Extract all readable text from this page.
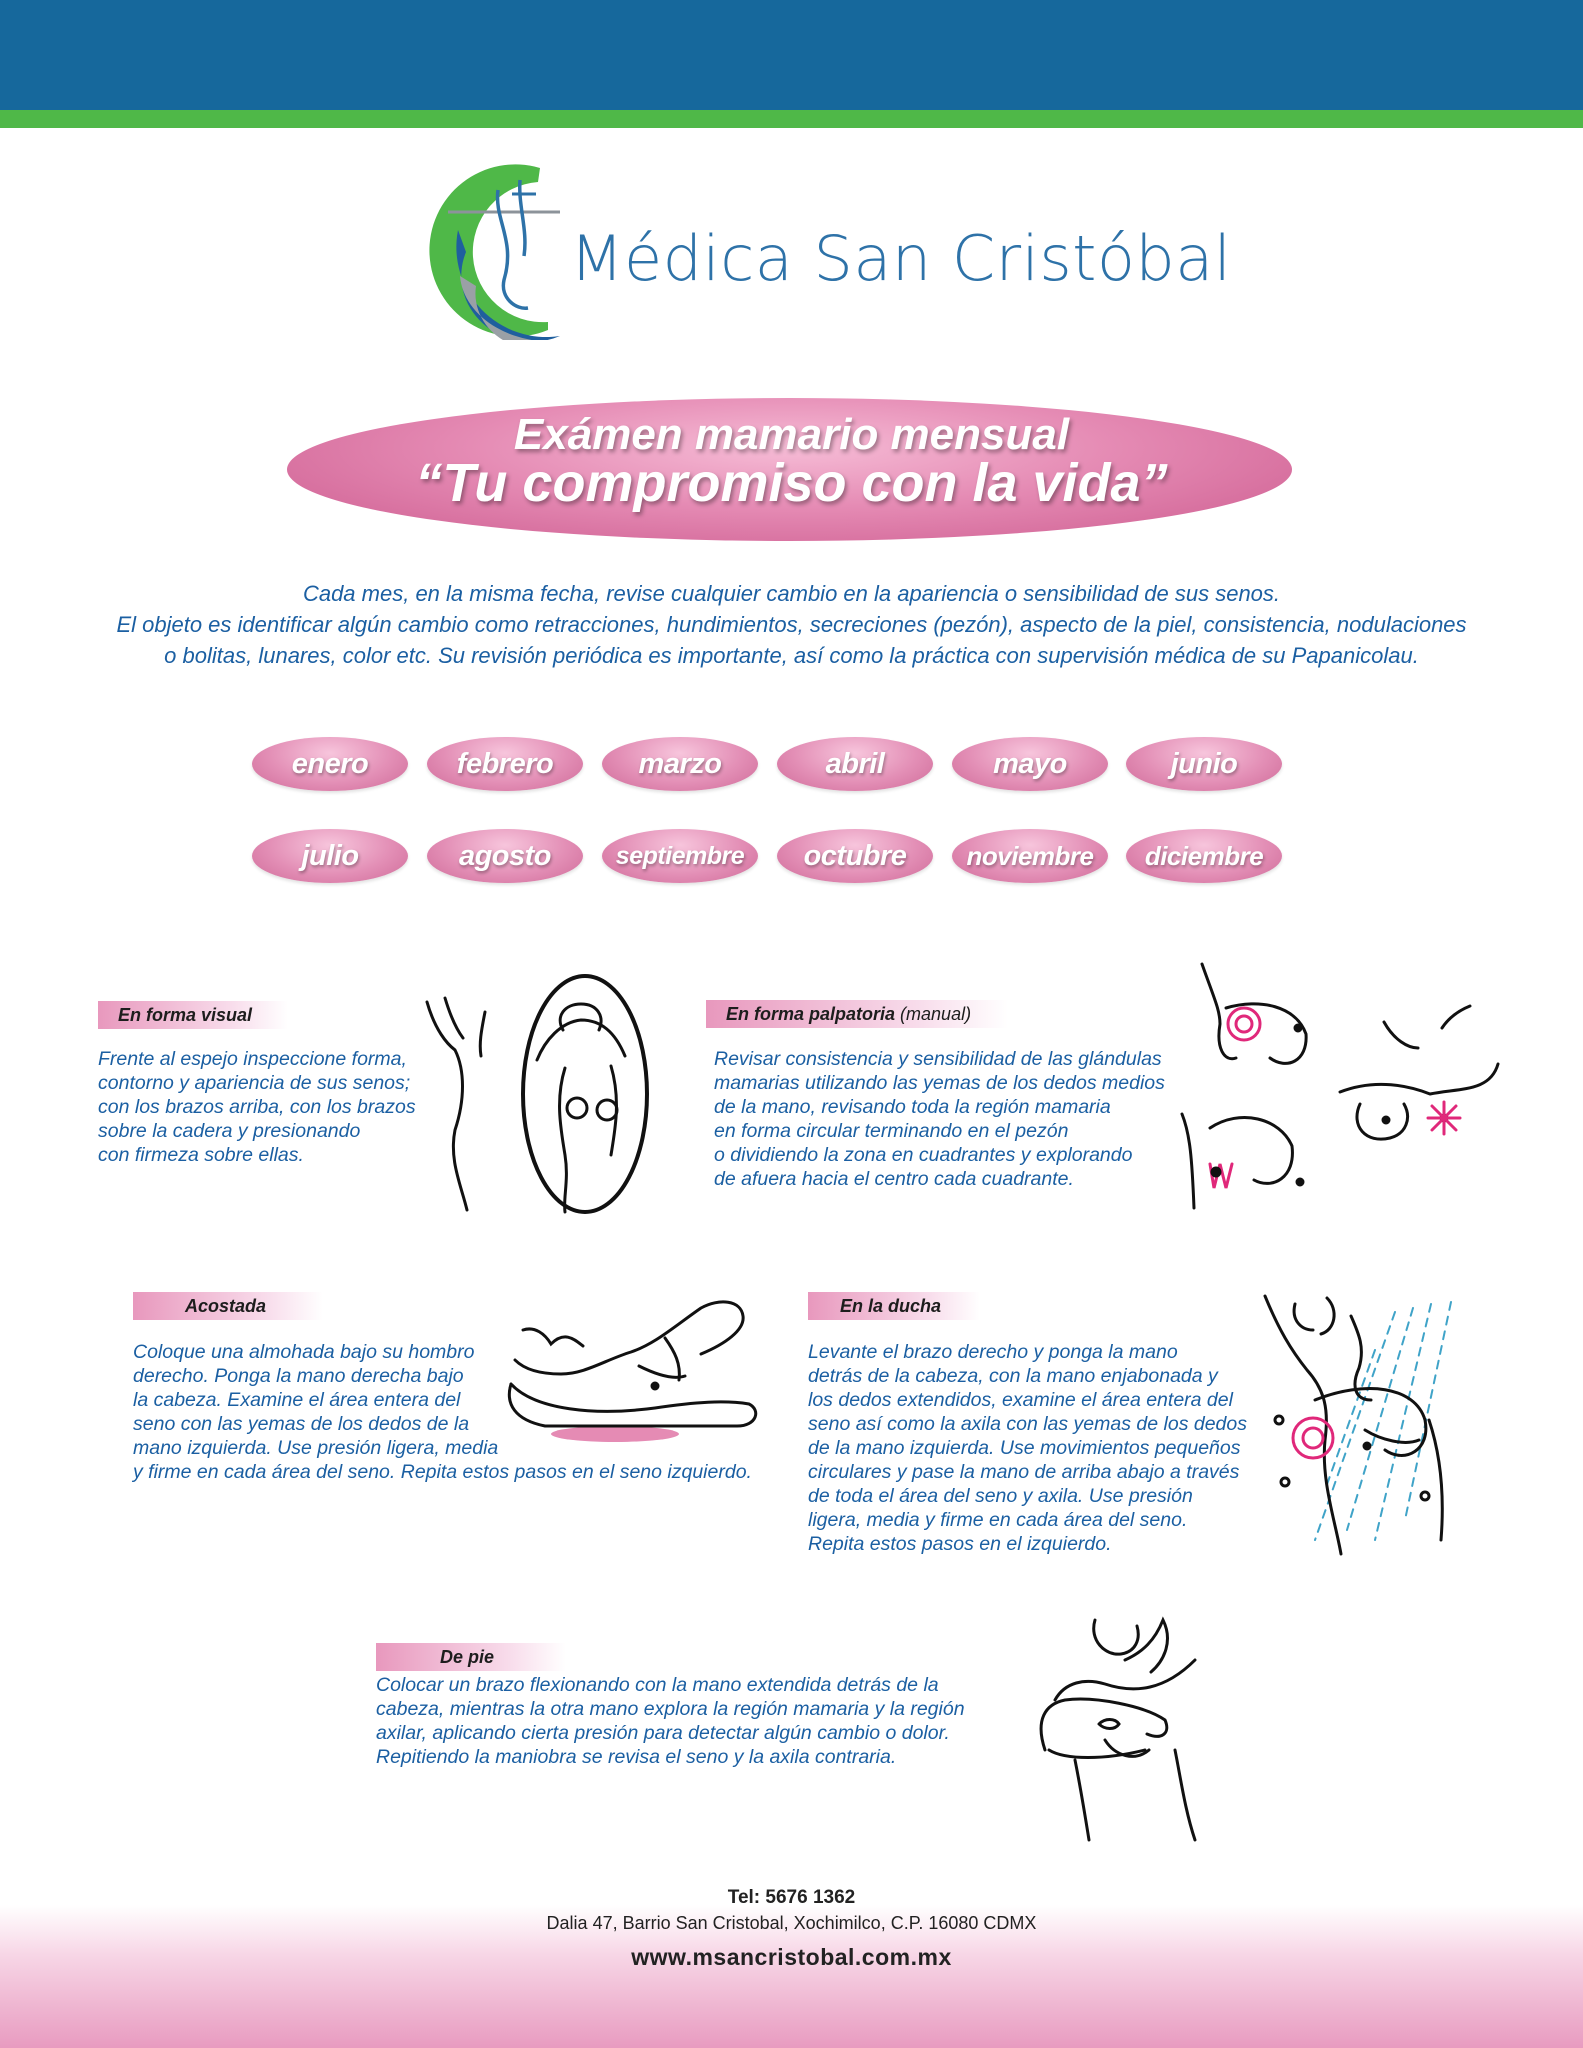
Médica San Cristóbal
Exámen mamario mensual
“Tu compromiso con la vida”
Cada mes, en la misma fecha, revise cualquier cambio en la apariencia o sensibilidad de sus senos.
El objeto es identificar algún cambio como retracciones, hundimientos, secreciones (pezón), aspecto de la piel, consistencia, nodulaciones
o bolitas, lunares, color etc. Su revisión periódica es importante, así como la práctica con supervisión médica de su Papanicolau.
enero	febrero	marzo	abril	mayo	junio
julio	agosto	septiembre	octubre	noviembre	diciembre
En forma visual
Frente al espejo inspeccione forma,
contorno y apariencia de sus senos;
con los brazos arriba, con los brazos
sobre la cadera y presionando
con firmeza sobre ellas.
En forma palpatoria (manual)
Revisar consistencia y sensibilidad de las glándulas
mamarias utilizando las yemas de los dedos medios
de la mano, revisando toda la región mamaria
en forma circular terminando en el pezón
o dividiendo la zona en cuadrantes y explorando
de afuera hacia el centro cada cuadrante.
Acostada
Coloque una almohada bajo su hombro
derecho. Ponga la mano derecha bajo
la cabeza. Examine el área entera del
seno con las yemas de los dedos de la
mano izquierda. Use presión ligera, media
y firme en cada área del seno. Repita estos pasos en el seno izquierdo.
En la ducha
Levante el brazo derecho y ponga la mano
detrás de la cabeza, con la mano enjabonada y
los dedos extendidos, examine el área entera del
seno así como la axila con las yemas de los dedos
de la mano izquierda. Use movimientos pequeños
circulares y pase la mano de arriba abajo a través
de toda el área del seno y axila. Use presión
ligera, media y firme en cada área del seno.
Repita estos pasos en el izquierdo.
De pie
Colocar un brazo flexionando con la mano extendida detrás de la
cabeza, mientras la otra mano explora la región mamaria y la región
axilar, aplicando cierta presión para detectar algún cambio o dolor.
Repitiendo la maniobra se revisa el seno y la axila contraria.
Tel: 5676 1362
Dalia 47, Barrio San Cristobal, Xochimilco, C.P. 16080 CDMX
www.msancristobal.com.mx
